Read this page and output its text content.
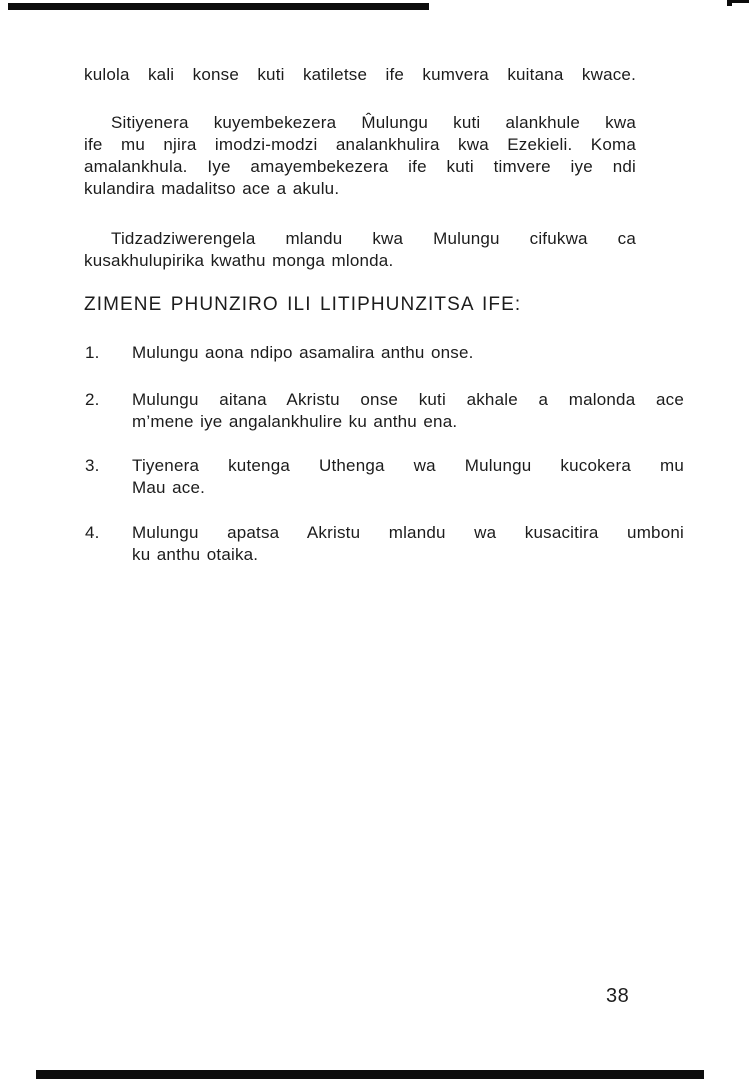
kulola kali konse kuti katiletse ife kumvera kuitana kwace.
Sitiyenera kuyembekezera M̂ulungu kuti alankhule kwa
ife mu njira imodzi-modzi analankhulira kwa Ezekieli. Koma
amalankhula. Iye amayembekezera ife kuti timvere iye ndi
kulandira madalitso ace a akulu.
Tidzadziwerengela mlandu kwa Mulungu cifukwa ca
kusakhulupirika kwathu monga mlonda.
ZIMENE PHUNZIRO ILI LITIPHUNZITSA IFE:
1.	Mulungu aona ndipo asamalira anthu onse.
2.	Mulungu aitana Akristu onse kuti akhale a malonda ace
m’mene iye angalankhulire ku anthu ena.
3.	Tiyenera kutenga Uthenga wa Mulungu kucokera mu
Mau ace.
4.	Mulungu apatsa Akristu mlandu wa kusacitira umboni
ku anthu otaika.
38
